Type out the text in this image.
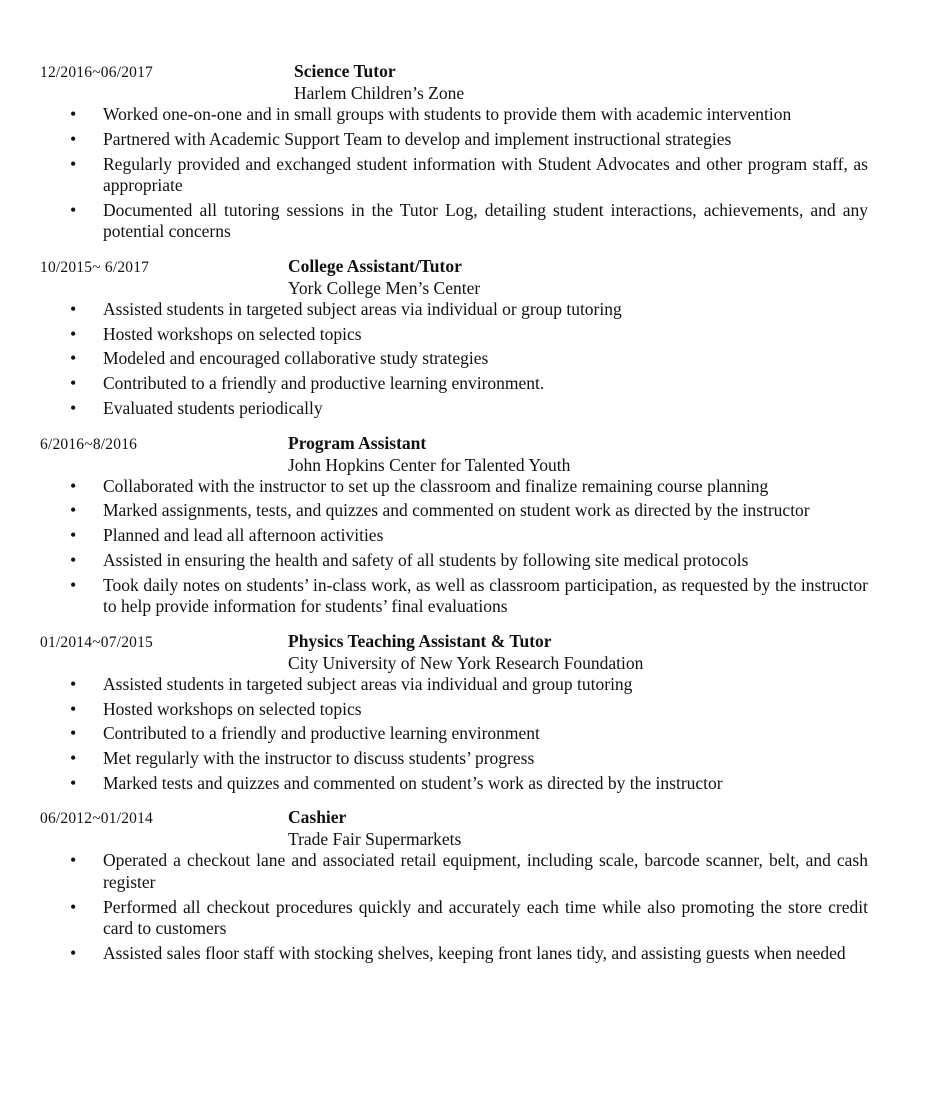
12/2016~06/2017	Science Tutor
Harlem Children’s Zone
• Worked one-on-one and in small groups with students to provide them with academic intervention
• Partnered with Academic Support Team to develop and implement instructional strategies
• Regularly provided and exchanged student information with Student Advocates and other program staff, as appropriate
• Documented all tutoring sessions in the Tutor Log, detailing student interactions, achievements, and any potential concerns
10/2015~ 6/2017	College Assistant/Tutor
York College Men’s Center
• Assisted students in targeted subject areas via individual or group tutoring
• Hosted workshops on selected topics
• Modeled and encouraged collaborative study strategies
• Contributed to a friendly and productive learning environment.
• Evaluated students periodically
6/2016~8/2016	Program Assistant
John Hopkins Center for Talented Youth
• Collaborated with the instructor to set up the classroom and finalize remaining course planning
• Marked assignments, tests, and quizzes and commented on student work as directed by the instructor
• Planned and lead all afternoon activities
• Assisted in ensuring the health and safety of all students by following site medical protocols
• Took daily notes on students’ in-class work, as well as classroom participation, as requested by the instructor to help provide information for students’ final evaluations
01/2014~07/2015	Physics Teaching Assistant & Tutor
City University of New York Research Foundation
• Assisted students in targeted subject areas via individual and group tutoring
• Hosted workshops on selected topics
• Contributed to a friendly and productive learning environment
• Met regularly with the instructor to discuss students’ progress
• Marked tests and quizzes and commented on student’s work as directed by the instructor
06/2012~01/2014	Cashier
Trade Fair Supermarkets
• Operated a checkout lane and associated retail equipment, including scale, barcode scanner, belt, and cash register
• Performed all checkout procedures quickly and accurately each time while also promoting the store credit card to customers
• Assisted sales floor staff with stocking shelves, keeping front lanes tidy, and assisting guests when needed
